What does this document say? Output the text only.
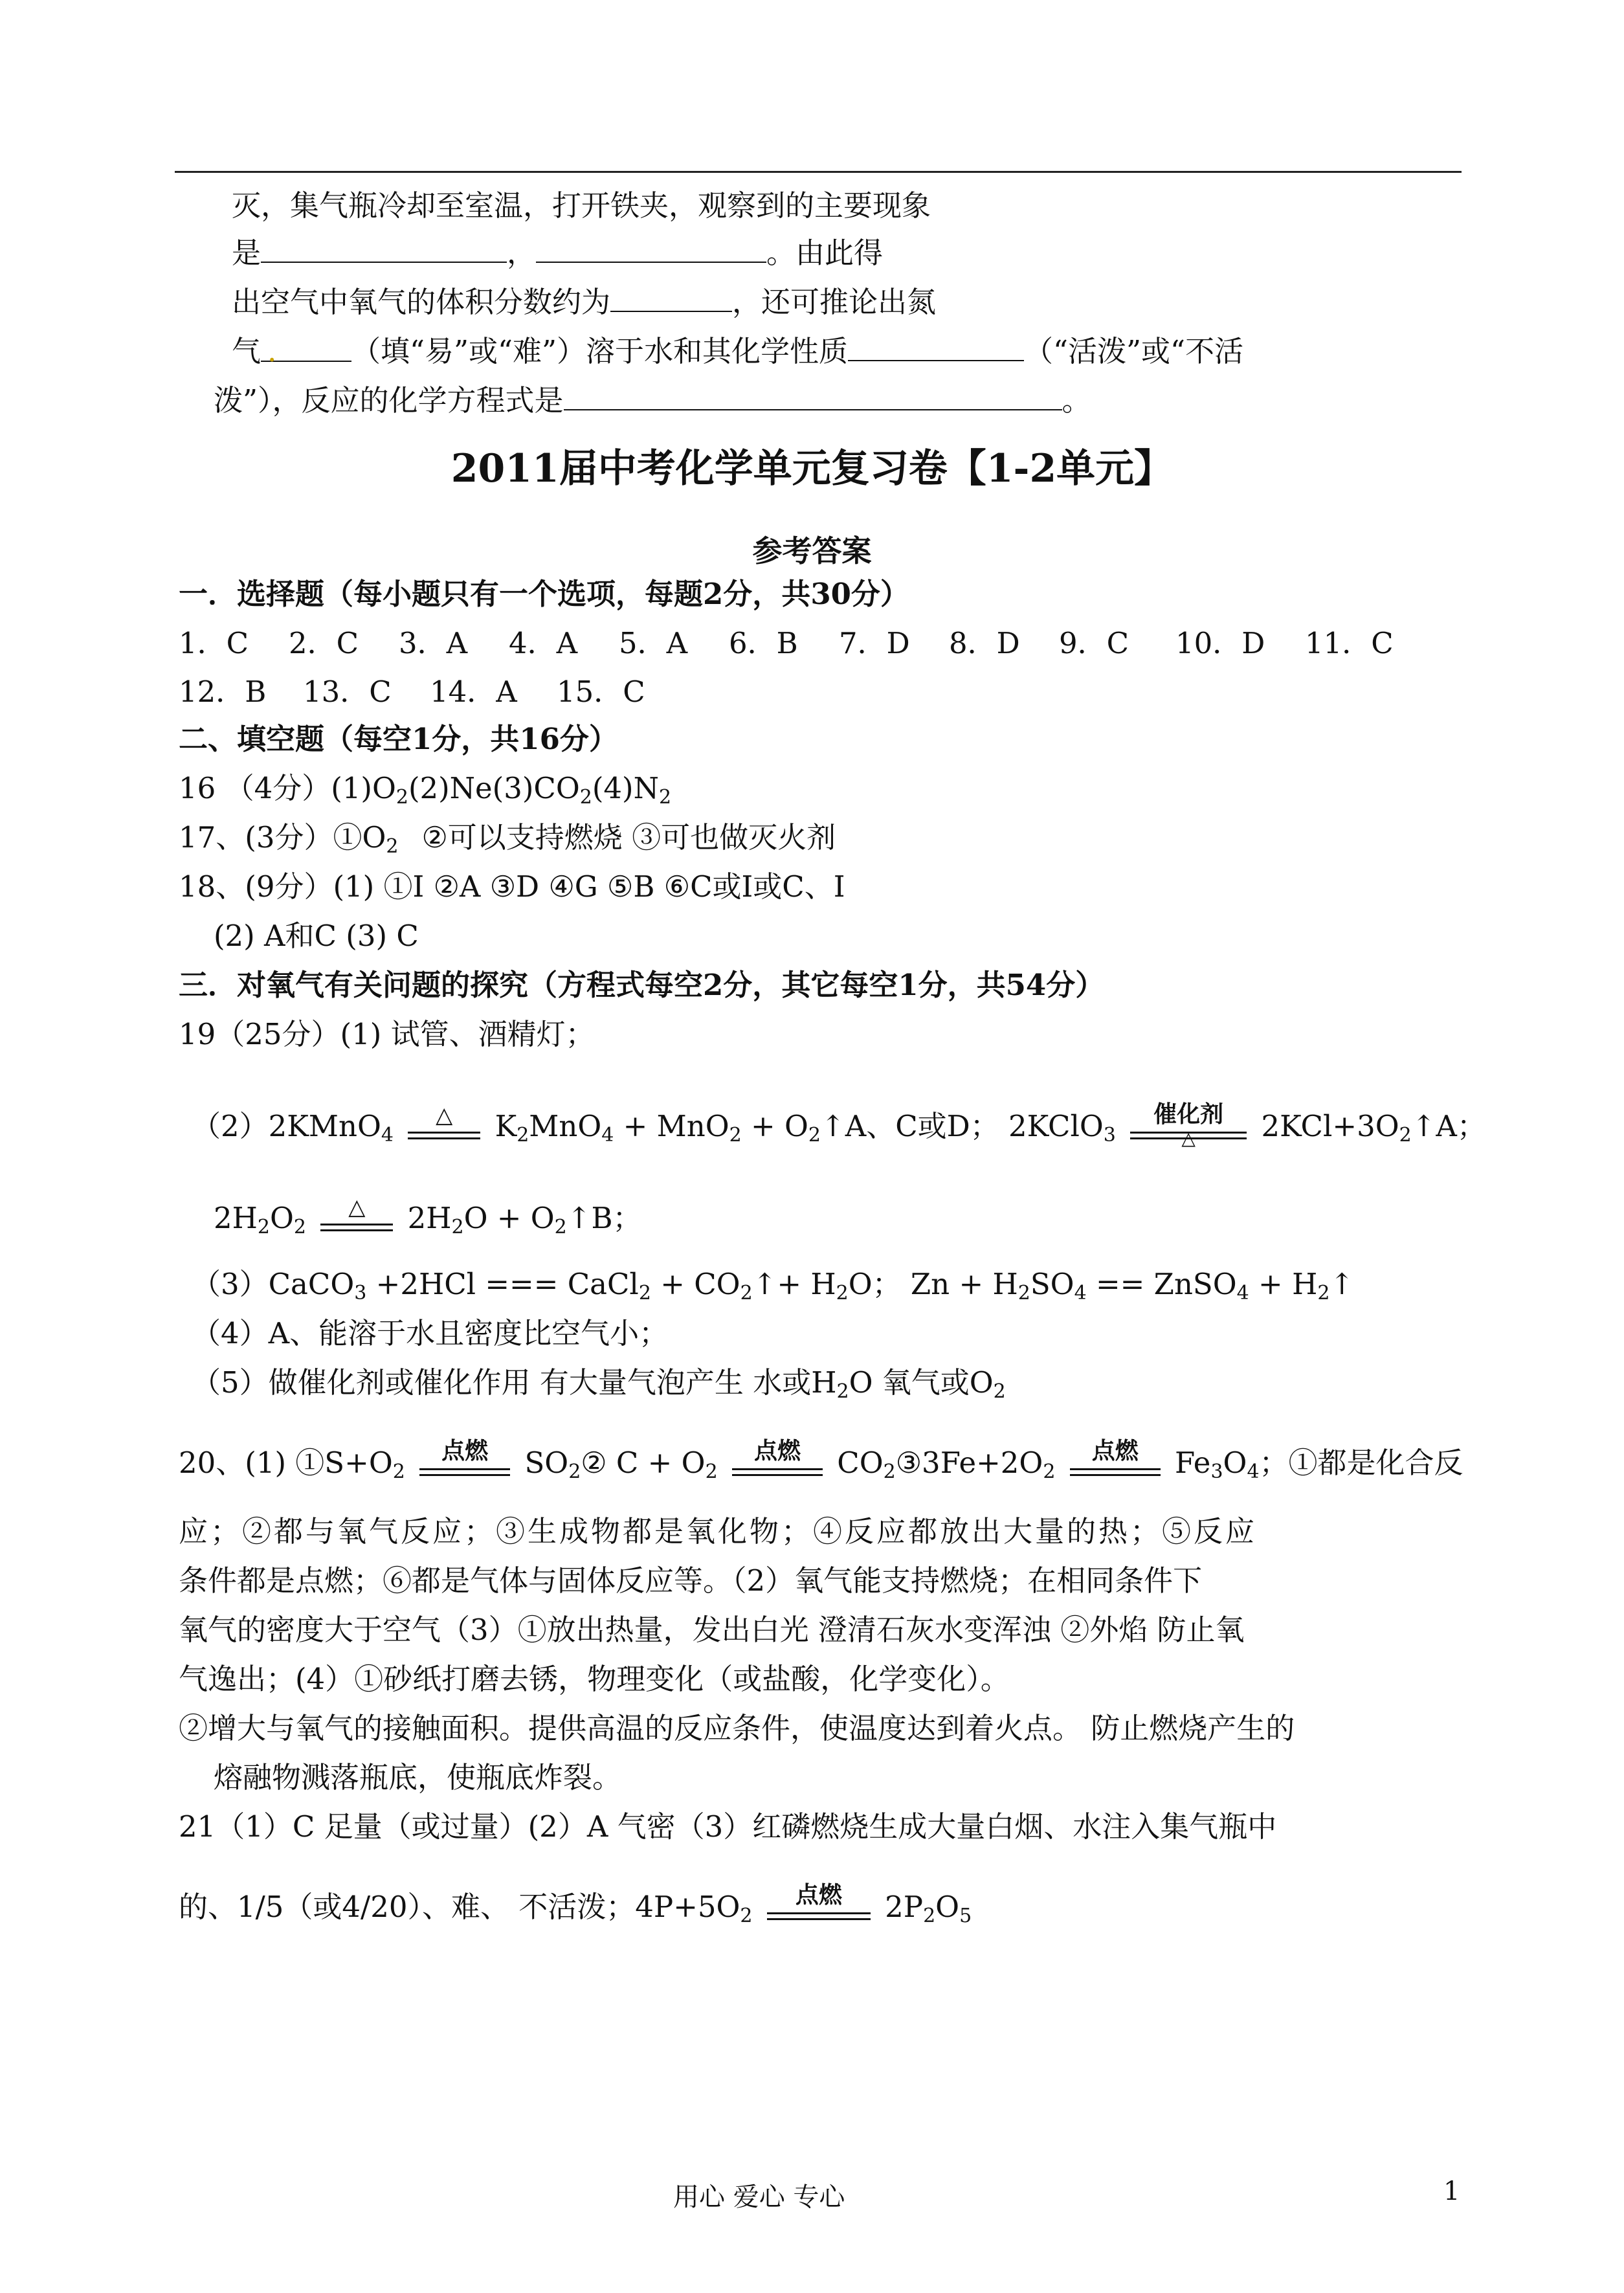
灭，集气瓶冷却至室温，打开铁夹，观察到的主要现象
是	，	。由此得
出空气中氧气的体积分数约为	，还可推论出氮
气 .	（填“易”或“难”）溶于水和其化学性质	（“活泼”或“不活
泼”），反应的化学方程式是	。
2011届中考化学单元复习卷【1-2单元】
参考答案
一．选择题（每小题只有一个选项，每题2分，共30分）
1．C 2．C 3．A 4．A 5．A 6．B 7．D 8．D 9．C 10．D 11．C
12．B 13．C 14．A 15．C
二、填空题（每空1分，共16分）
16 （4分）$(1)O_2(2)Ne(3)CO_2(4)N_2$
17、(3分）$①O_2$ ②可以支持燃烧 ③可也做灭火剂
18、(9分）(1) ①I ②A ③D ④G ⑤B ⑥C或I或C、I
(2) A和C (3) C
三．对氧气有关问题的探究（方程式每空2分，其它每空1分，共54分）
19（25分）(1) 试管、酒精灯；
（2）2KMnO$_4$
△	$K_2MnO_4 + MnO_2$ + $O_2↑A$、C或D； 2KClO$_3$
催化剂
△	$2KCl+3O_2↑A$；
$2H_2O_2$
△	$2H_2O$ + $O_2↑B$；
（3）CaCO$_3$ +2HCl === CaCl$_2$ + $CO_2↑+ H_2O$； $Zn + H_2SO_4$ == ZnSO$_4$ + $H_2↑$
（4）A、能溶于水且密度比空气小；
（5）做催化剂或催化作用 有大量气泡产生 水或$H_2O$ 氧气或$O_2$
20、(1) $①S+O_2$
点燃	$SO_2②$ $C + O_2$
点燃	$CO_2③3Fe+2O_2$
点燃	$Fe_3O_4$；①都是化合反
应；②都与氧气反应；③生成物都是氧化物；④反应都放出大量的热；⑤反应
条件都是点燃；⑥都是气体与固体反应等。（2）氧气能支持燃烧；在相同条件下
氧气的密度大于空气（3）①放出热量，发出白光 澄清石灰水变浑浊 ②外焰 防止氧
气逸出；(4）①砂纸打磨去锈，物理变化（或盐酸，化学变化）。
②增大与氧气的接触面积。提供高温的反应条件，使温度达到着火点。 防止燃烧产生的
熔融物溅落瓶底，使瓶底炸裂。
21（1）C 足量（或过量）(2）A 气密（3）红磷燃烧生成大量白烟、水注入集气瓶中
的、1/5（或4/20）、难、 不活泼；$4P+5O_2$
点燃	$2P_2O_5$
用心 爱心 专心	1
